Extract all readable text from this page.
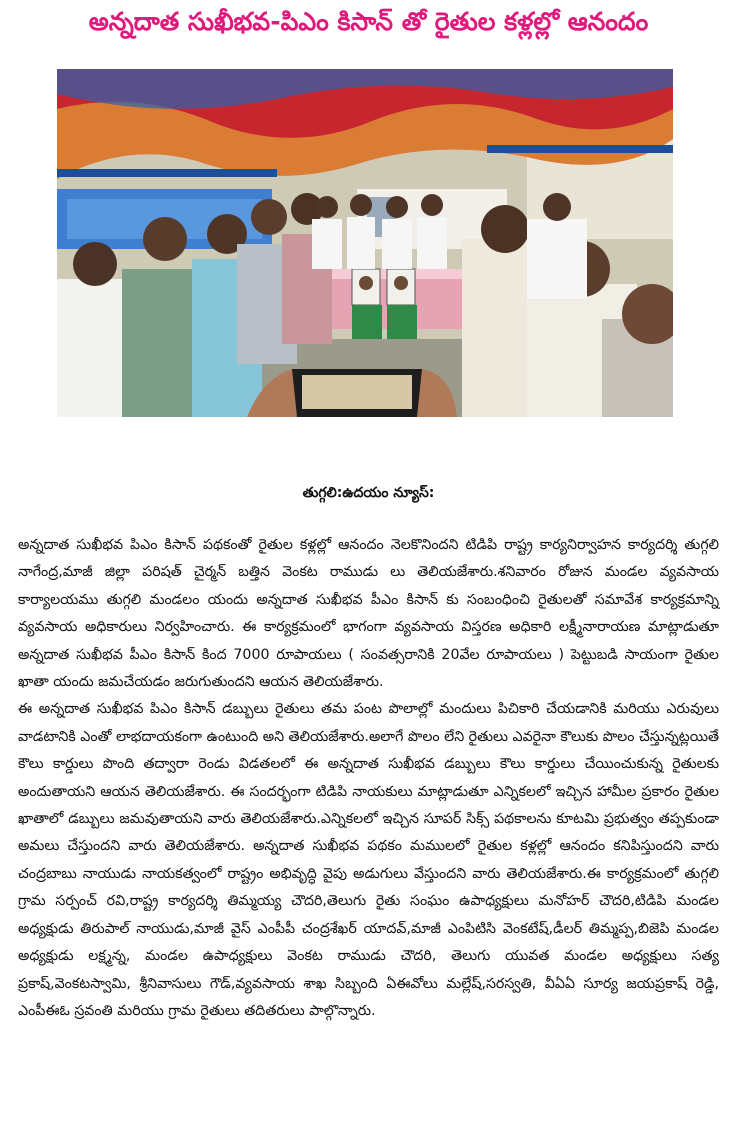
అన్నదాత సుఖీభవ-పిఎం కిసాన్ తో రైతుల కళ్లల్లో ఆనందం
తుగ్గలి:ఉదయం న్యూస్:

అన్నదాత సుఖీభవ పిఎం కిసాన్ పథకంతో రైతుల కళ్లల్లో ఆనందం నెలకొనిందని టిడిపి రాష్ట్ర కార్యనిర్వాహన కార్యదర్శి తుగ్గలి నాగేంద్ర,మాజీ జిల్లా పరిషత్ చైర్మన్ బత్తిన వెంకట రాముడు లు తెలియజేశారు.శనివారం రోజున మండల వ్యవసాయ కార్యాలయము తుగ్గలి మండలం యందు అన్నదాత సుఖీభవ పీఎం కిసాన్ కు సంబంధించి రైతులతో సమావేశ కార్యక్రమాన్ని వ్యవసాయ అధికారులు నిర్వహించారు. ఈ కార్యక్రమంలో భాగంగా వ్యవసాయ విస్తరణ అధికారి లక్ష్మీనారాయణ మాట్లాడుతూ అన్నదాత సుఖీభవ పీఎం కిసాన్ కింద 7000 రూపాయలు ( సంవత్సరానికి 20వేల రూపాయలు ) పెట్టుబడి సాయంగా రైతుల ఖాతా యందు జమచేయడం జరుగుతుందని ఆయన తెలియజేశారు.

ఈ అన్నదాత సుఖీభవ పిఎం కిసాన్ డబ్బులు రైతులు తమ పంట పొలాల్లో మందులు పిచికారి చేయడానికి మరియు ఎరువులు వాడటానికి ఎంతో లాభదాయకంగా ఉంటుంది అని తెలియజేశారు.అలాగే పొలం లేని రైతులు ఎవరైనా కౌలుకు పొలం చేస్తున్నట్లయితే కౌలు కార్డులు పొంది తద్వారా రెండు విడతలలో ఈ అన్నదాత సుఖీభవ డబ్బులు కౌలు కార్డులు చేయించుకున్న రైతులకు అందుతాయని ఆయన తెలియజేశారు. ఈ సందర్భంగా టిడిపి నాయకులు మాట్లాడుతూ ఎన్నికలలో ఇచ్చిన హామీల ప్రకారం రైతుల ఖాతాలో డబ్బులు జమవుతాయని వారు తెలియజేశారు.ఎన్నికలలో ఇచ్చిన సూపర్ సిక్స్ పథకాలను కూటమి ప్రభుత్వం తప్పకుండా అమలు చేస్తుందని వారు తెలియజేశారు. అన్నదాత సుఖీభవ పథకం మములలో రైతుల కళ్లల్లో ఆనందం కనిపిస్తుందని వారు చంద్రబాబు నాయుడు నాయకత్వంలో రాష్ట్రం అభివృద్ధి వైపు అడుగులు వేస్తుందని వారు తెలియజేశారు.ఈ కార్యక్రమంలో తుగ్గలి గ్రామ సర్పంచ్ రవి,రాష్ట్ర కార్యదర్శి తిమ్మయ్య చౌదరి,తెలుగు రైతు సంఘం ఉపాధ్యక్షులు మనోహర్ చౌదరి,టిడిపి మండల అధ్యక్షుడు తిరుపాల్ నాయుడు,మాజీ వైస్ ఎంపీపీ చంద్రశేఖర్ యాదవ్,మాజీ ఎంపిటిసి వెంకటేష్,డీలర్ తిమ్మప్ప,బిజెపి మండల అధ్యక్షుడు లక్ష్మన్న, మండల ఉపాధ్యక్షులు వెంకట రాముడు చౌదరి, తెలుగు యువత మండల అధ్యక్షులు సత్య ప్రకాష్,వెంకటస్వామి, శ్రీనివాసులు గౌడ్,వ్యవసాయ శాఖ సిబ్బంది ఏఈవోలు మల్లేష్,సరస్వతి, వీఏఏ సూర్య జయప్రకాష్ రెడ్డి, ఎంపీఈఓ స్రవంతి మరియు గ్రామ రైతులు తదితరులు పాల్గొన్నారు.
